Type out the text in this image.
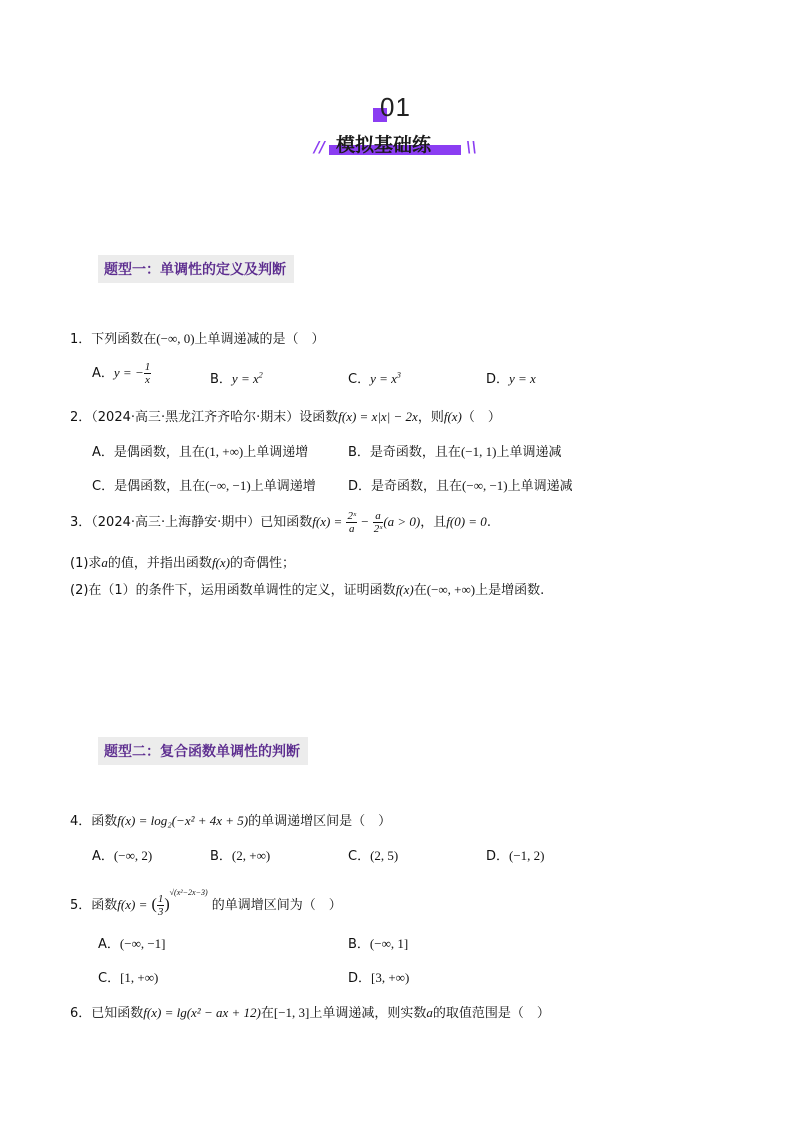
01
模拟基础练
//	\\
题型一：单调性的定义及判断
1．下列函数在(−∞, 0)上单调递减的是（　）
A．y = − $\frac{1}{x}$	B．$y = x^2$	C．$y = x^3$	D．y = x
2．（2024·高三·黑龙江齐齐哈尔·期末）设函数f(x) = x|x| − 2x，则f(x)（　）
A．是偶函数，且在(1, +∞)上单调递增	B．是奇函数，且在(−1, 1)上单调递减
C．是偶函数，且在(−∞, −1)上单调递增 D．是奇函数，且在(−∞, −1)上单调递减
3．（2024·高三·上海静安·期中）已知函数$f(x) = \frac{\text{2ˣ}}{a} - \frac{a}{\text{2ˣ}} (a > 0)$，且f(0) = 0.
(1)求a的值，并指出函数f(x)的奇偶性；
(2)在（1）的条件下，运用函数单调性的定义，证明函数f(x)在(−∞, +∞)上是增函数.
题型二：复合函数单调性的判断
4．函数f(x) = log₂(−x² + 4x + 5)的单调递增区间是（　）
A．(−∞, 2)	B．(2, +∞)	C．(2, 5)	D．(−1, 2)
5．函数f(x) = ( $\frac{1}{3} )^{√(x^2-2x-3)}$ 的单调增区间为（　）
A．(−∞, −1]	B．(−∞, 1]
C．[1, +∞)	D．[3, +∞)
6．已知函数f(x) = lg(x² − ax + 12)在[−1, 3]上单调递减，则实数a的取值范围是（　）
